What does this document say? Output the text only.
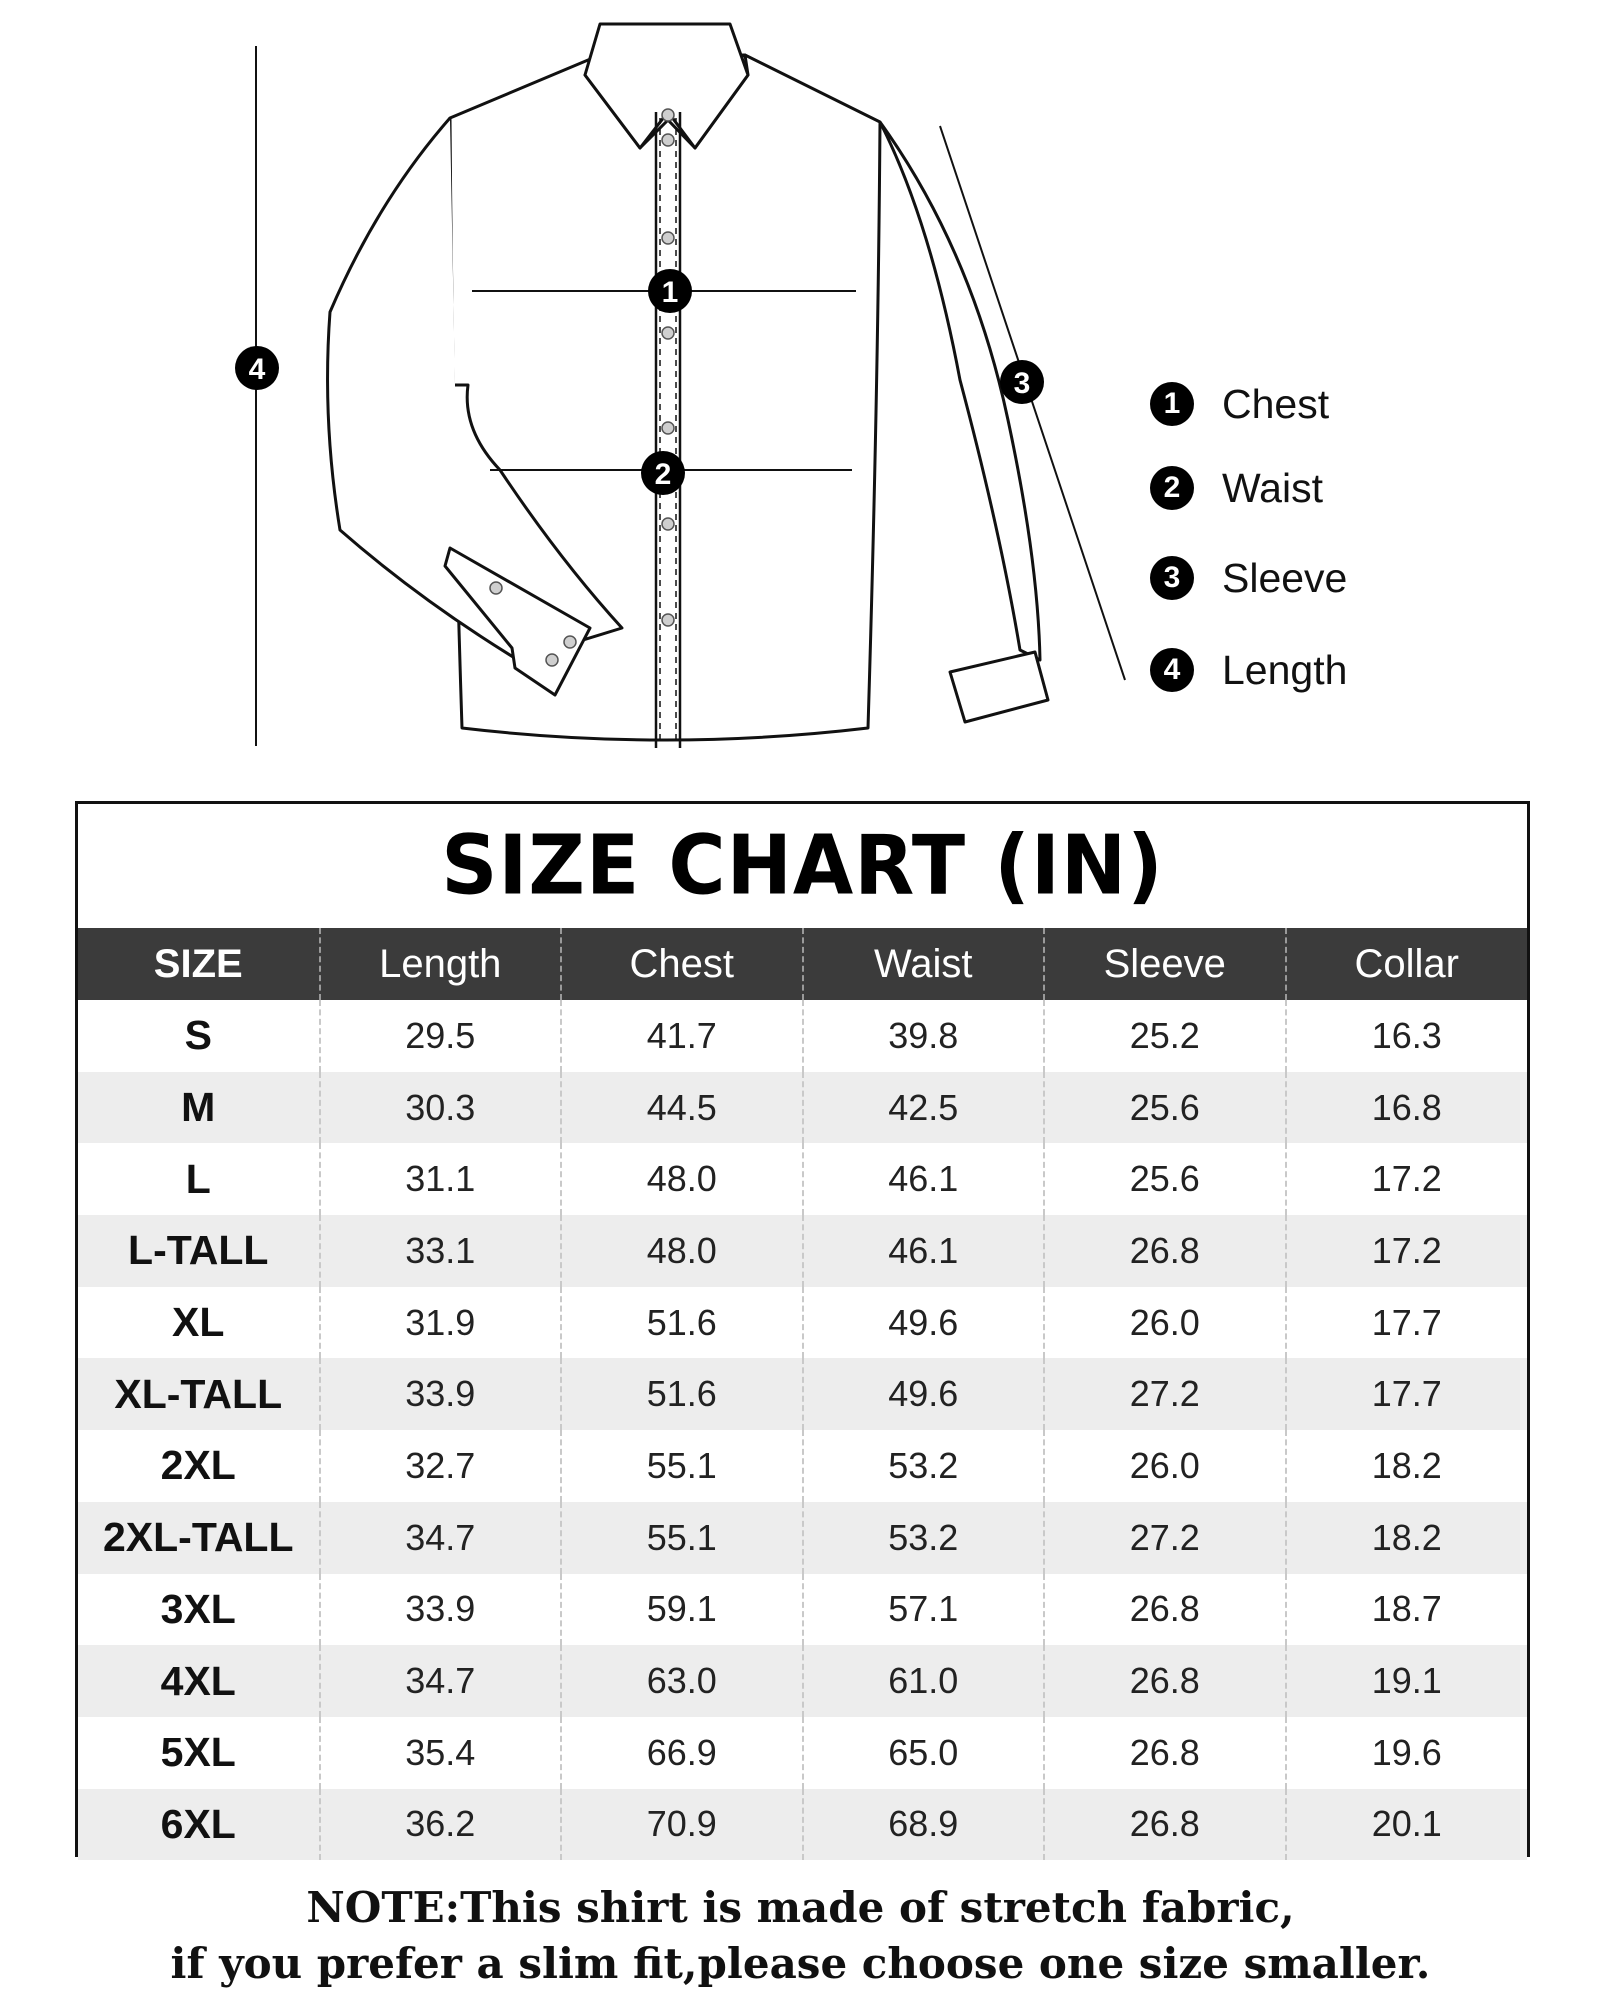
1
2
3
4
1	Chest
2	Waist
3	Sleeve
4	Length
SIZE CHART (IN)
SIZE	Length	Chest	Waist	Sleeve	Collar
S	29.5	41.7	39.8	25.2	16.3
M	30.3	44.5	42.5	25.6	16.8
L	31.1	48.0	46.1	25.6	17.2
L-TALL	33.1	48.0	46.1	26.8	17.2
XL	31.9	51.6	49.6	26.0	17.7
XL-TALL	33.9	51.6	49.6	27.2	17.7
2XL	32.7	55.1	53.2	26.0	18.2
2XL-TALL	34.7	55.1	53.2	27.2	18.2
3XL	33.9	59.1	57.1	26.8	18.7
4XL	34.7	63.0	61.0	26.8	19.1
5XL	35.4	66.9	65.0	26.8	19.6
6XL	36.2	70.9	68.9	26.8	20.1
NOTE:This shirt is made of stretch fabric,
if you prefer a slim fit,please choose one size smaller.
